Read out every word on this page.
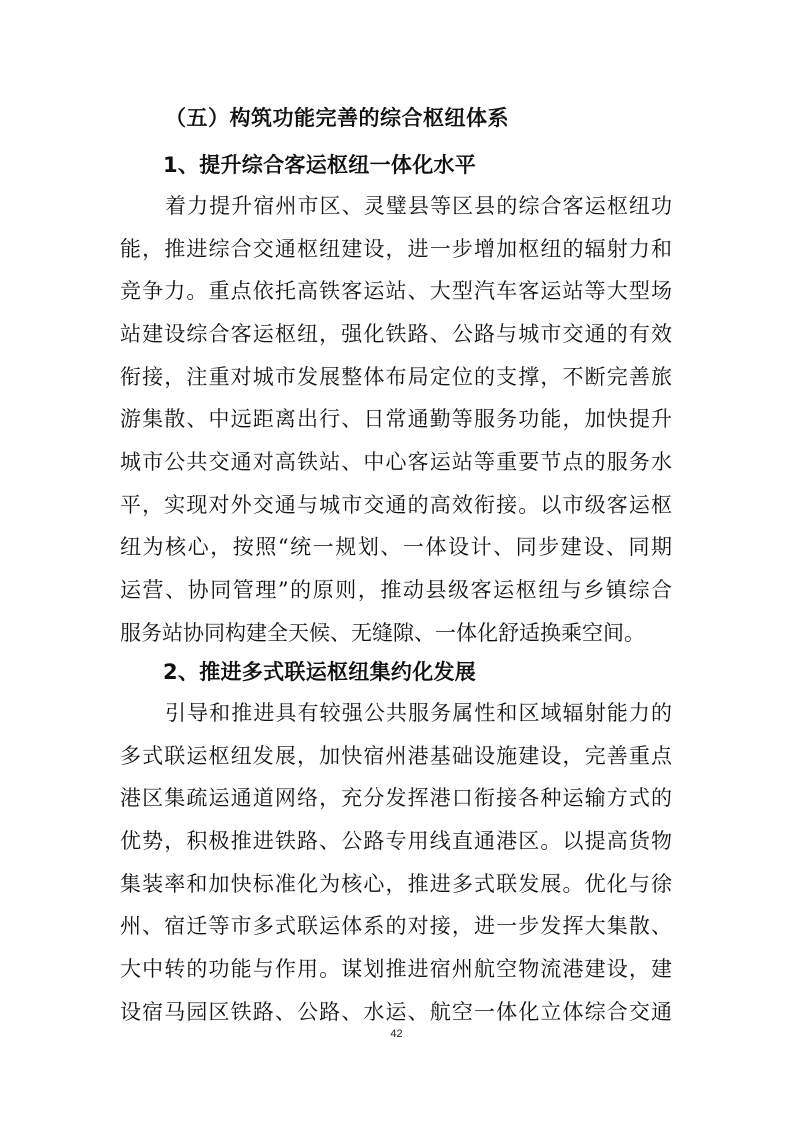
（五）构筑功能完善的综合枢纽体系
1、提升综合客运枢纽一体化水平
着力提升宿州市区、灵璧县等区县的综合客运枢纽功
能，推进综合交通枢纽建设，进一步增加枢纽的辐射力和
竞争力。重点依托高铁客运站、大型汽车客运站等大型场
站建设综合客运枢纽，强化铁路、公路与城市交通的有效
衔接，注重对城市发展整体布局定位的支撑，不断完善旅
游集散、中远距离出行、日常通勤等服务功能，加快提升
城市公共交通对高铁站、中心客运站等重要节点的服务水
平，实现对外交通与城市交通的高效衔接。以市级客运枢
纽为核心，按照“统一规划、一体设计、同步建设、同期
运营、协同管理”的原则，推动县级客运枢纽与乡镇综合
服务站协同构建全天候、无缝隙、一体化舒适换乘空间。
2、推进多式联运枢纽集约化发展
引导和推进具有较强公共服务属性和区域辐射能力的
多式联运枢纽发展，加快宿州港基础设施建设，完善重点
港区集疏运通道网络，充分发挥港口衔接各种运输方式的
优势，积极推进铁路、公路专用线直通港区。以提高货物
集装率和加快标准化为核心，推进多式联发展。优化与徐
州、宿迁等市多式联运体系的对接，进一步发挥大集散、
大中转的功能与作用。谋划推进宿州航空物流港建设，建
设宿马园区铁路、公路、水运、航空一体化立体综合交通
42
